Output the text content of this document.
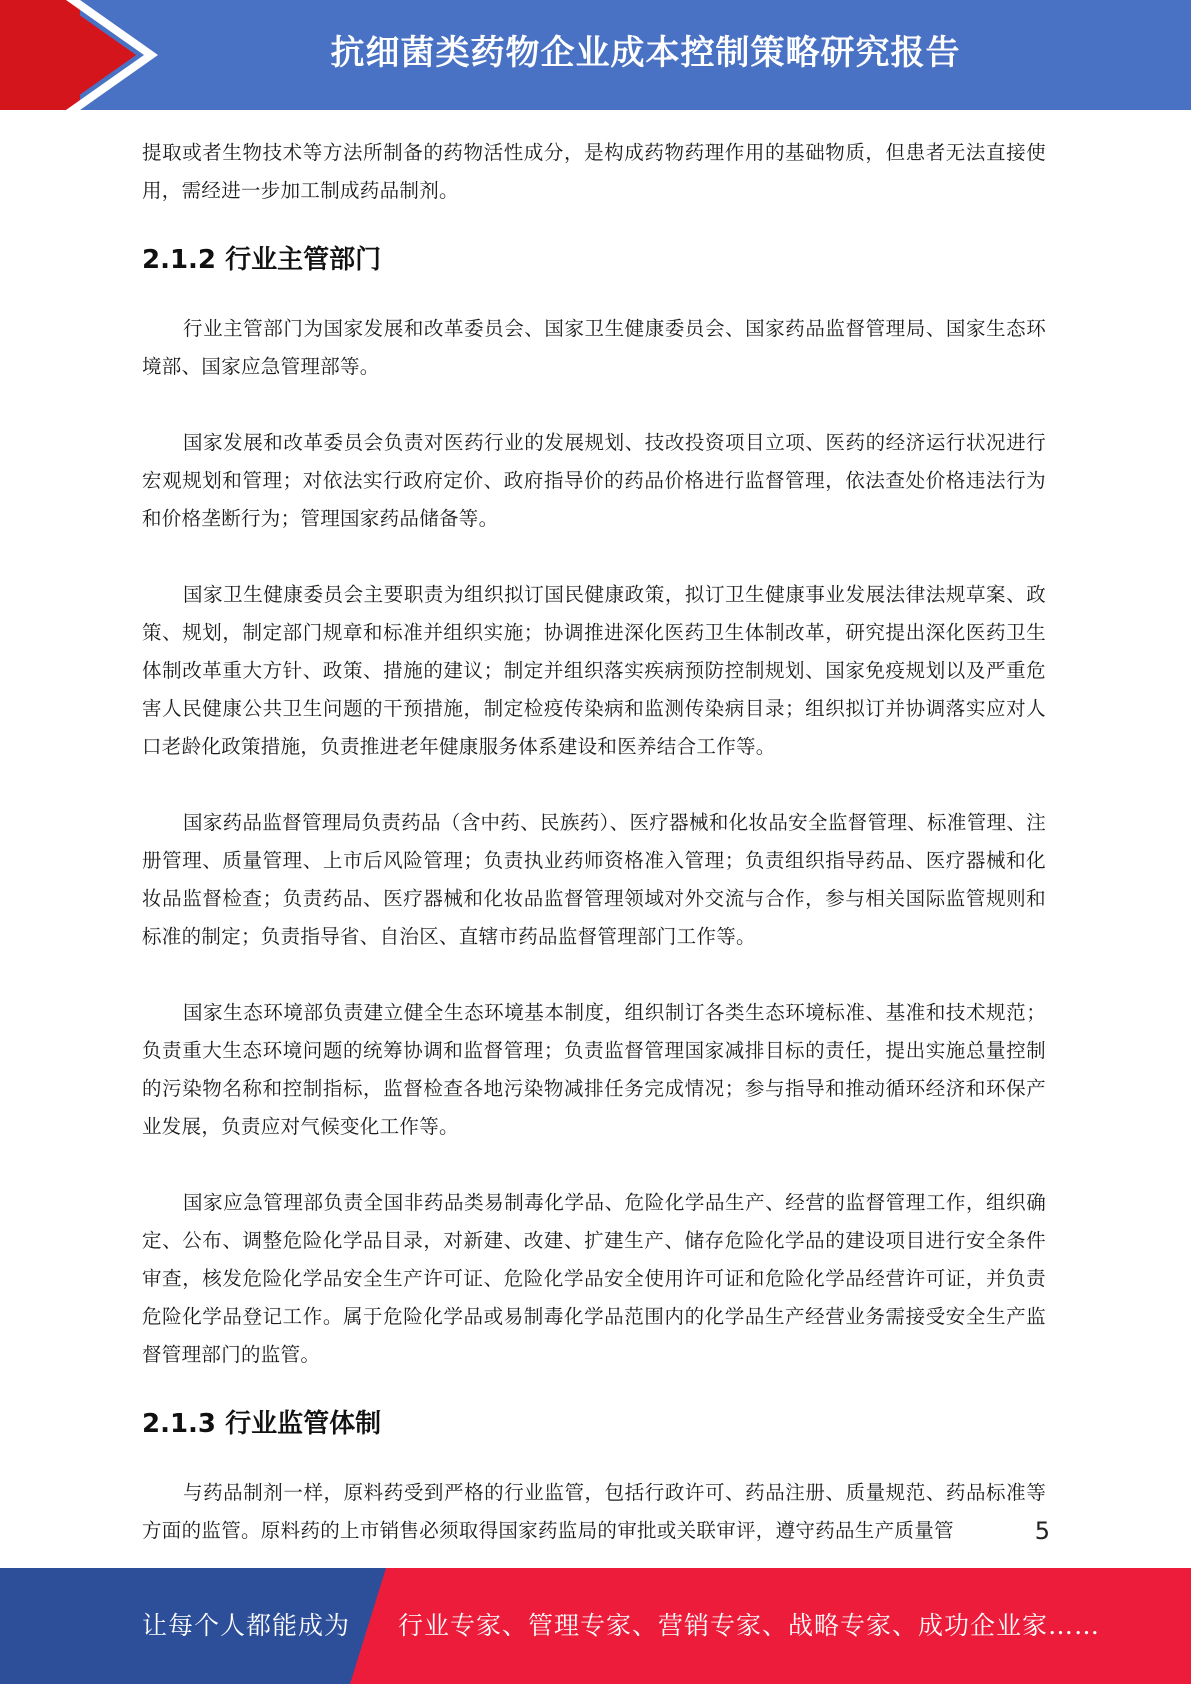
抗细菌类药物企业成本控制策略研究报告

提取或者生物技术等方法所制备的药物活性成分，是构成药物药理作用的基础物质，但患者无法直接使用，需经进一步加工制成药品制剂。

2.1.2 行业主管部门

行业主管部门为国家发展和改革委员会、国家卫生健康委员会、国家药品监督管理局、国家生态环境部、国家应急管理部等。

国家发展和改革委员会负责对医药行业的发展规划、技改投资项目立项、医药的经济运行状况进行宏观规划和管理；对依法实行政府定价、政府指导价的药品价格进行监督管理，依法查处价格违法行为和价格垄断行为；管理国家药品储备等。

国家卫生健康委员会主要职责为组织拟订国民健康政策，拟订卫生健康事业发展法律法规草案、政策、规划，制定部门规章和标准并组织实施；协调推进深化医药卫生体制改革，研究提出深化医药卫生体制改革重大方针、政策、措施的建议；制定并组织落实疾病预防控制规划、国家免疫规划以及严重危害人民健康公共卫生问题的干预措施，制定检疫传染病和监测传染病目录；组织拟订并协调落实应对人口老龄化政策措施，负责推进老年健康服务体系建设和医养结合工作等。

国家药品监督管理局负责药品（含中药、民族药）、医疗器械和化妆品安全监督管理、标准管理、注册管理、质量管理、上市后风险管理；负责执业药师资格准入管理；负责组织指导药品、医疗器械和化妆品监督检查；负责药品、医疗器械和化妆品监督管理领域对外交流与合作，参与相关国际监管规则和标准的制定；负责指导省、自治区、直辖市药品监督管理部门工作等。

国家生态环境部负责建立健全生态环境基本制度，组织制订各类生态环境标准、基准和技术规范；负责重大生态环境问题的统筹协调和监督管理；负责监督管理国家减排目标的责任，提出实施总量控制的污染物名称和控制指标，监督检查各地污染物减排任务完成情况；参与指导和推动循环经济和环保产业发展，负责应对气候变化工作等。

国家应急管理部负责全国非药品类易制毒化学品、危险化学品生产、经营的监督管理工作，组织确定、公布、调整危险化学品目录，对新建、改建、扩建生产、储存危险化学品的建设项目进行安全条件审查，核发危险化学品安全生产许可证、危险化学品安全使用许可证和危险化学品经营许可证，并负责危险化学品登记工作。属于危险化学品或易制毒化学品范围内的化学品生产经营业务需接受安全生产监督管理部门的监管。

2.1.3 行业监管体制

与药品制剂一样，原料药受到严格的行业监管，包括行政许可、药品注册、质量规范、药品标准等方面的监管。原料药的上市销售必须取得国家药监局的审批或关联审评，遵守药品生产质量管	5
让每个人都能成为 行业专家、管理专家、营销专家、战略专家、成功企业家……
